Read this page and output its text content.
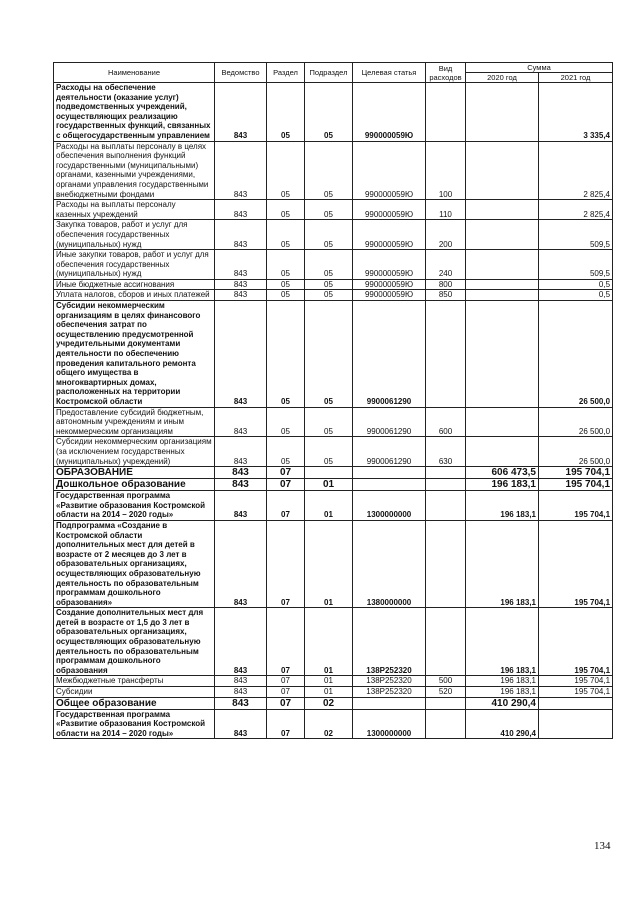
Наименование	Ведомство	Раздел	Подраздел	Целевая статья	Вид расходов	Сумма	
						2020 год	2021 год
Расходы на обеспечение деятельности (оказание услуг) подведомственных учреждений, осуществляющих реализацию государственных функций, связанных с общегосударственным управлением	843	05	05	990000059Ю			3 335,4
Расходы на выплаты персоналу в целях обеспечения выполнения функций государственными (муниципальными) органами, казенными учреждениями, органами управления государственными внебюджетными фондами	843	05	05	990000059Ю	100		2 825,4
Расходы на выплаты персоналу казенных учреждений	843	05	05	990000059Ю	110		2 825,4
Закупка товаров, работ и услуг для обеспечения государственных (муниципальных) нужд	843	05	05	990000059Ю	200		509,5
Иные закупки товаров, работ и услуг для обеспечения государственных (муниципальных) нужд	843	05	05	990000059Ю	240		509,5
Иные бюджетные ассигнования	843	05	05	990000059Ю	800		0,5
Уплата налогов, сборов и иных платежей	843	05	05	990000059Ю	850		0,5
Субсидии некоммерческим организациям в целях финансового обеспечения затрат по осуществлению предусмотренной учредительными документами деятельности по обеспечению проведения капитального ремонта общего имущества в многоквартирных домах, расположенных на территории Костромской области	843	05	05	9900061290			26 500,0
Предоставление субсидий бюджетным, автономным учреждениям и иным некоммерческим организациям	843	05	05	9900061290	600		26 500,0
Субсидии некоммерческим организациям (за исключением государственных (муниципальных) учреждений)	843	05	05	9900061290	630		26 500,0
ОБРАЗОВАНИЕ	843	07				606 473,5	195 704,1
Дошкольное образование	843	07	01			196 183,1	195 704,1
Государственная программа «Развитие образования Костромской области на 2014 – 2020 годы»	843	07	01	1300000000		196 183,1	195 704,1
Подпрограмма «Создание в Костромской области дополнительных мест для детей в возрасте от 2 месяцев до 3 лет в образовательных организациях, осуществляющих образовательную деятельность по образовательным программам дошкольного образования»	843	07	01	1380000000		196 183,1	195 704,1
Создание дополнительных мест для детей в возрасте от 1,5 до 3 лет в образовательных организациях, осуществляющих образовательную деятельность по образовательным программам дошкольного образования	843	07	01	138P252320		196 183,1	195 704,1
Межбюджетные трансферты	843	07	01	138P252320	500	196 183,1	195 704,1
Субсидии	843	07	01	138P252320	520	196 183,1	195 704,1
Общее образование	843	07	02			410 290,4	
Государственная программа «Развитие образования Костромской области на 2014 – 2020 годы»	843	07	02	1300000000		410 290,4	
134
